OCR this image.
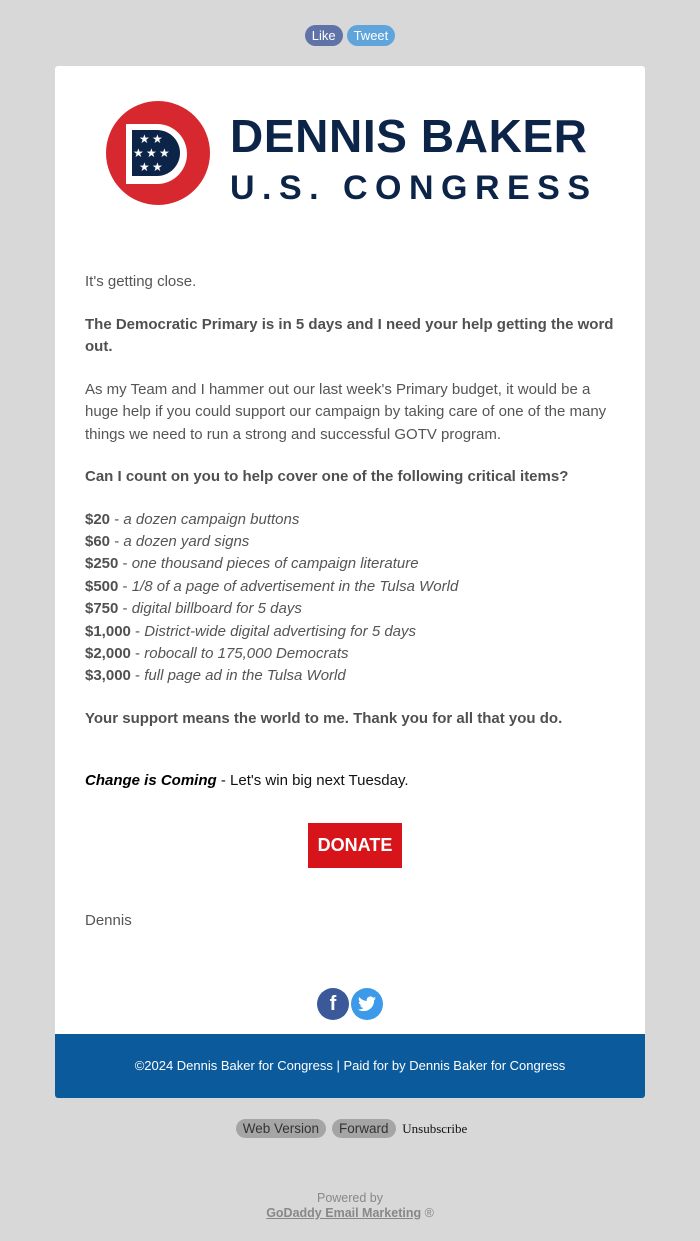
Like Tweet
★ ★
★ ★ ★
★ ★
DENNIS BAKER
U.S. CONGRESS

It's getting close.

The Democratic Primary is in 5 days and I need your help getting the word out.

As my Team and I hammer out our last week's Primary budget, it would be a huge help if you could support our campaign by taking care of one of the many things we need to run a strong and successful GOTV program.

Can I count on you to help cover one of the following critical items?

$20 - a dozen campaign buttons
$60 - a dozen yard signs
$250 - one thousand pieces of campaign literature
$500 - 1/8 of a page of advertisement in the Tulsa World
$750 - digital billboard for 5 days
$1,000 - District-wide digital advertising for 5 days
$2,000 - robocall to 175,000 Democrats
$3,000 - full page ad in the Tulsa World

Your support means the world to me. Thank you for all that you do.

Change is Coming - Let's win big next Tuesday.
DONATE
Dennis
f
©2024 Dennis Baker for Congress | Paid for by Dennis Baker for Congress
Web Version Forward Unsubscribe
Powered by
GoDaddy Email Marketing ®
